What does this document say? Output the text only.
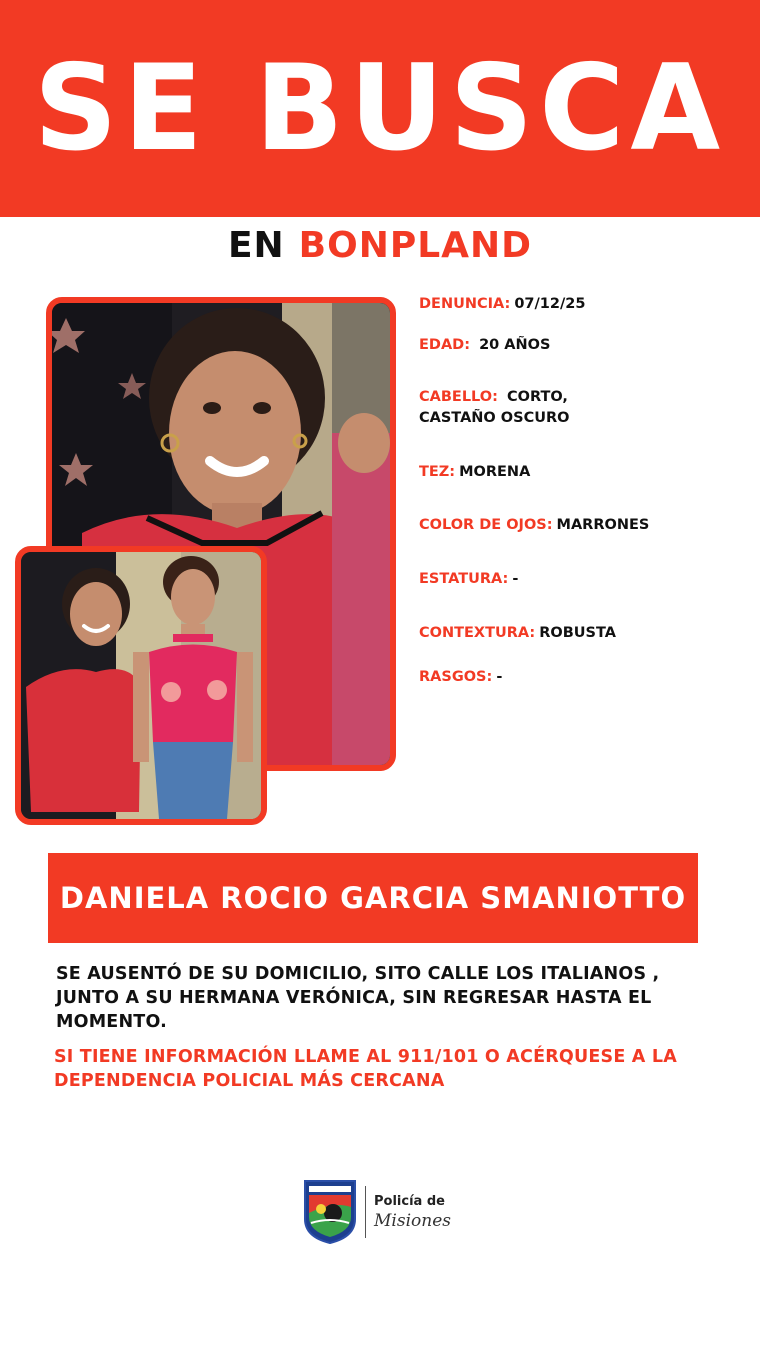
SE BUSCA
EN BONPLAND
DENUNCIA: 07/12/25
EDAD: 20 AÑOS
CABELLO: CORTO,
CASTAÑO OSCURO
TEZ: MORENA
COLOR DE OJOS: MARRONES
ESTATURA: -
CONTEXTURA: ROBUSTA
RASGOS: -
DANIELA ROCIO GARCIA SMANIOTTO
SE AUSENTÓ DE SU DOMICILIO, SITO CALLE LOS ITALIANOS ,
JUNTO A SU HERMANA VERÓNICA, SIN REGRESAR HASTA EL
MOMENTO.
SI TIENE INFORMACIÓN LLAME AL 911/101 O ACÉRQUESE A LA
DEPENDENCIA POLICIAL MÁS CERCANA
Policía de
Misiones
